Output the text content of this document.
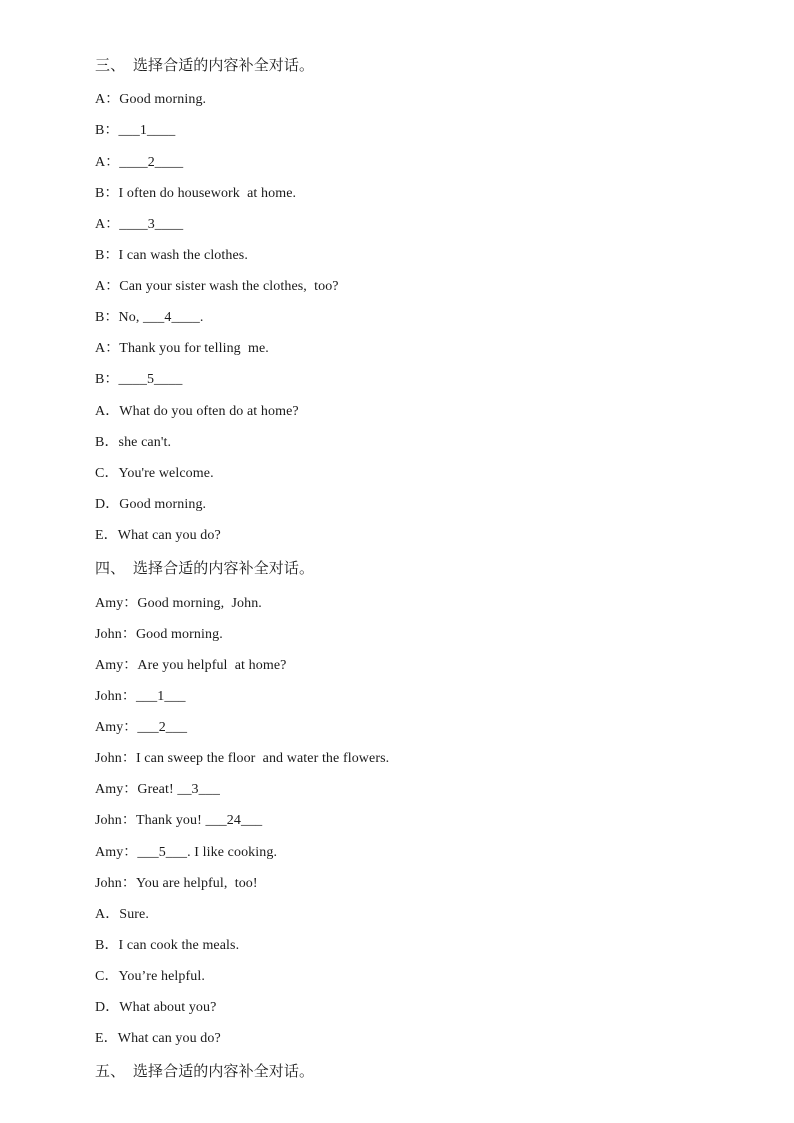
三、  选择合适的内容补全对话。
A：Good morning.
B：___1____
A：____2____
B：I often do housework  at home.
A：____3____
B：I can wash the clothes.
A：Can your sister wash the clothes,  too?
B：No, ___4____.
A：Thank you for telling  me.
B：____5____
A．What do you often do at home?
B．she can't.
C．You're welcome.
D．Good morning.
E．What can you do?
四、  选择合适的内容补全对话。
Amy：Good morning,  John.
John：Good morning.
Amy：Are you helpful  at home?
John：___1___
Amy：___2___
John：I can sweep the floor  and water the flowers.
Amy：Great! __3___
John：Thank you! ___24___
Amy：___5___. I like cooking.
John：You are helpful,  too!
A．Sure.
B．I can cook the meals.
C．You’re helpful.
D．What about you?
E．What can you do?
五、  选择合适的内容补全对话。
